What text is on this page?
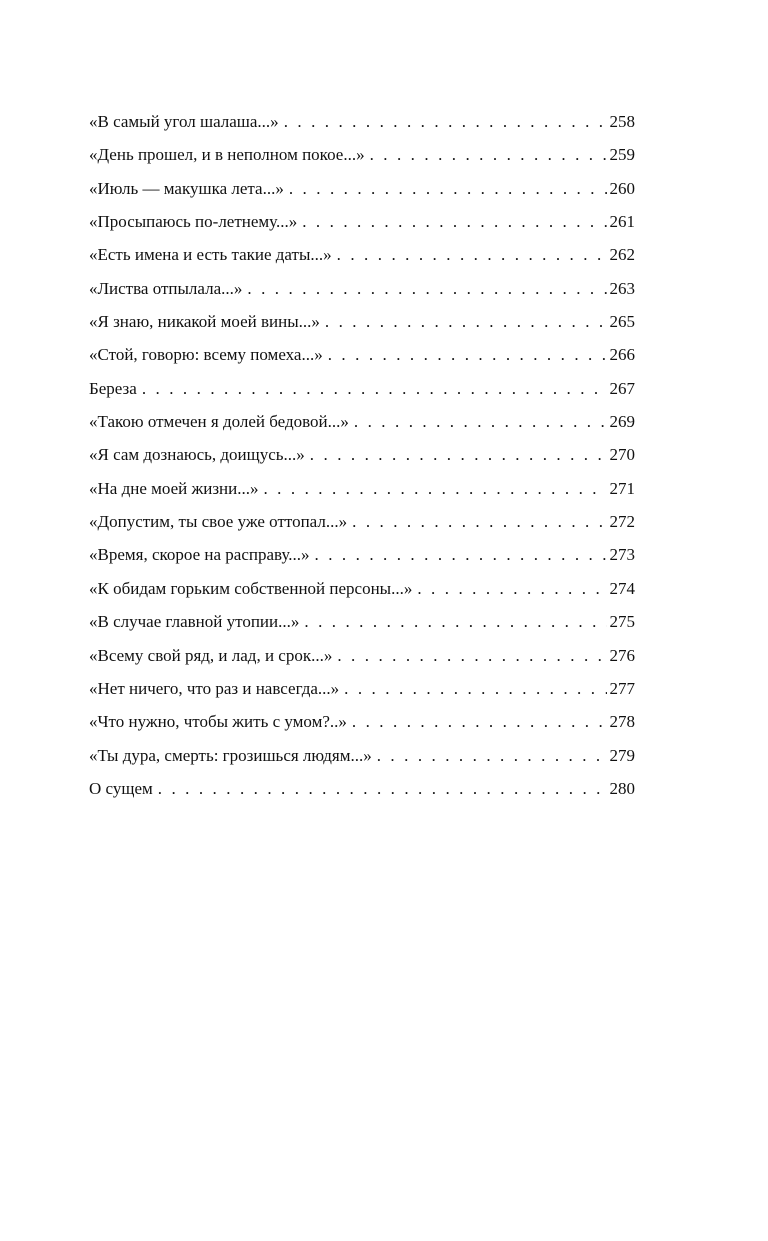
«В самый угол шалаша...» . . .	258
«День прошел, и в неполном покое...» . . .	259
«Июль — макушка лета...» . . .	260
«Просыпаюсь по-летнему...» . . .	261
«Есть имена и есть такие даты...» . . .	262
«Листва отпылала...» . . .	263
«Я знаю, никакой моей вины...» . . .	265
«Стой, говорю: всему помеха...» . . .	266
Береза . . .	267
«Такою отмечен я долей бедовой...» . . .	269
«Я сам дознаюсь, доищусь...» . . .	270
«На дне моей жизни...» . . .	271
«Допустим, ты свое уже оттопал...» . . .	272
«Время, скорое на расправу...» . . .	273
«К обидам горьким собственной персоны...» . . .	274
«В случае главной утопии...» . . .	275
«Всему свой ряд, и лад, и срок...» . . .	276
«Нет ничего, что раз и навсегда...» . . .	277
«Что нужно, чтобы жить с умом?..» . . .	278
«Ты дура, смерть: грозишься людям...» . . .	279
О сущем . . .	280
